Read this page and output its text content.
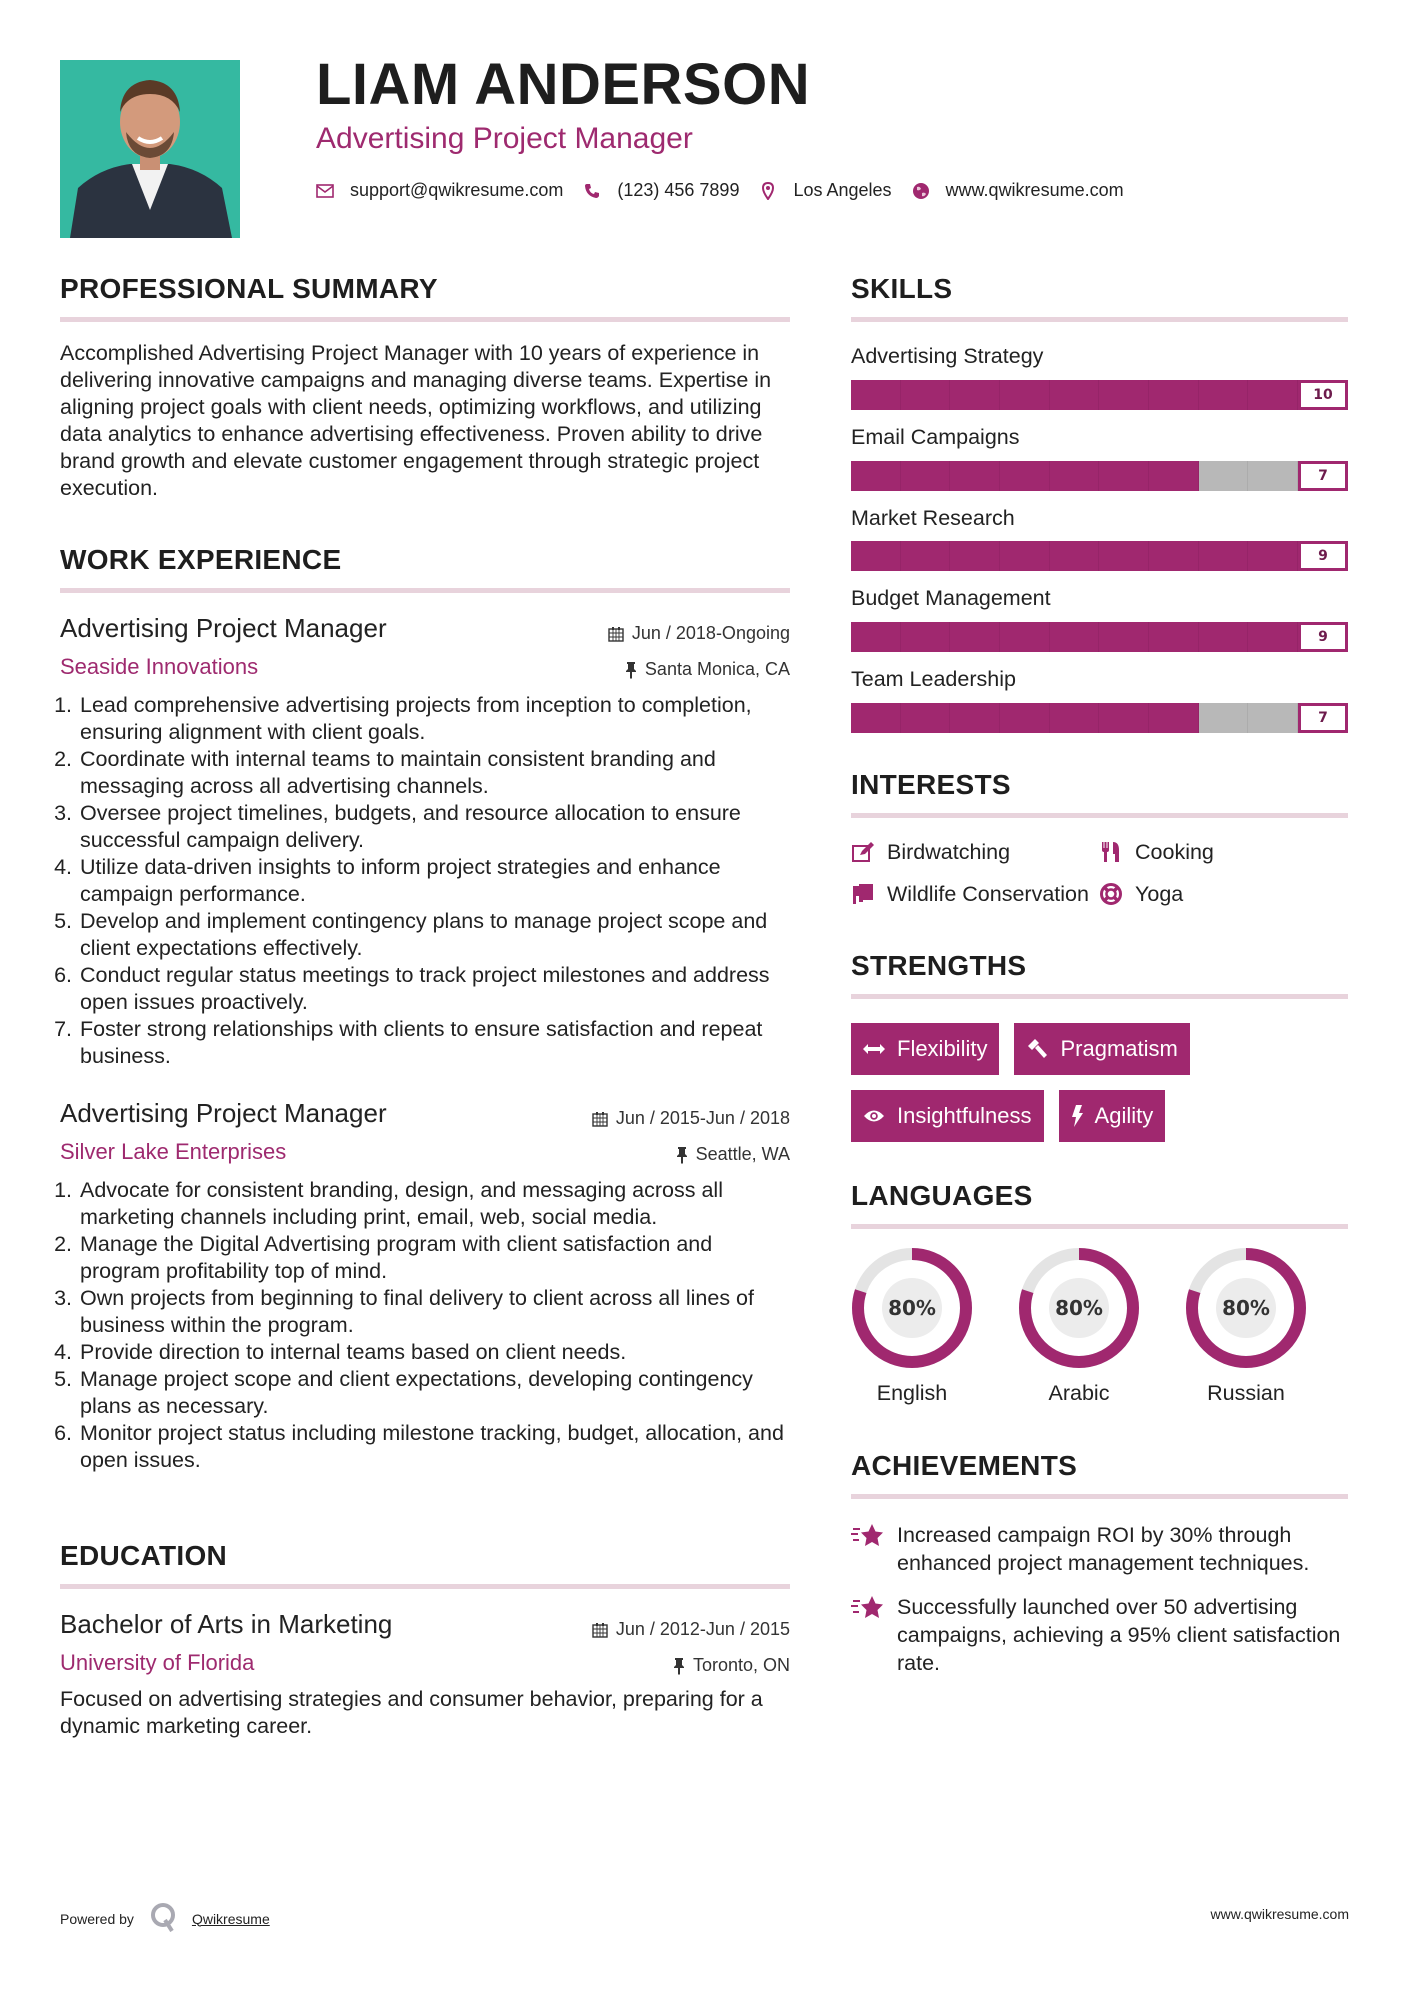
LIAM ANDERSON
Advertising Project Manager
support@qwikresume.com	(123) 456 7899	Los Angeles	www.qwikresume.com
PROFESSIONAL SUMMARY

Accomplished Advertising Project Manager with 10 years of experience in delivering innovative campaigns and managing diverse teams. Expertise in aligning project goals with client needs, optimizing workflows, and utilizing data analytics to enhance advertising effectiveness. Proven ability to drive brand growth and elevate customer engagement through strategic project execution.

WORK EXPERIENCE
Advertising Project Manager	Jun / 2018-Ongoing
Seaside Innovations	Santa Monica, CA
1. Lead comprehensive advertising projects from inception to completion, ensuring alignment with client goals.
2. Coordinate with internal teams to maintain consistent branding and messaging across all advertising channels.
3. Oversee project timelines, budgets, and resource allocation to ensure successful campaign delivery.
4. Utilize data-driven insights to inform project strategies and enhance campaign performance.
5. Develop and implement contingency plans to manage project scope and client expectations effectively.
6. Conduct regular status meetings to track project milestones and address open issues proactively.
7. Foster strong relationships with clients to ensure satisfaction and repeat business.
Advertising Project Manager	Jun / 2015-Jun / 2018
Silver Lake Enterprises	Seattle, WA
1. Advocate for consistent branding, design, and messaging across all marketing channels including print, email, web, social media.
2. Manage the Digital Advertising program with client satisfaction and program profitability top of mind.
3. Own projects from beginning to final delivery to client across all lines of business within the program.
4. Provide direction to internal teams based on client needs.
5. Manage project scope and client expectations, developing contingency plans as necessary.
6. Monitor project status including milestone tracking, budget, allocation, and open issues.
EDUCATION
Bachelor of Arts in Marketing	Jun / 2012-Jun / 2015
University of Florida	Toronto, ON

Focused on advertising strategies and consumer behavior, preparing for a dynamic marketing career.

SKILLS
Advertising Strategy
10
Email Campaigns
7
Market Research
9
Budget Management
9
Team Leadership
7
INTERESTS
Birdwatching	Cooking
Wildlife Conservation Yoga
STRENGTHS
Flexibility	Pragmatism
Insightfulness	Agility
LANGUAGES
80%
English
80%
Arabic
80%
Russian
ACHIEVEMENTS
Increased campaign ROI by 30% through enhanced project management techniques.
Successfully launched over 50 advertising campaigns, achieving a 95% client satisfaction rate.
Powered by	Qwikresume	www.qwikresume.com
